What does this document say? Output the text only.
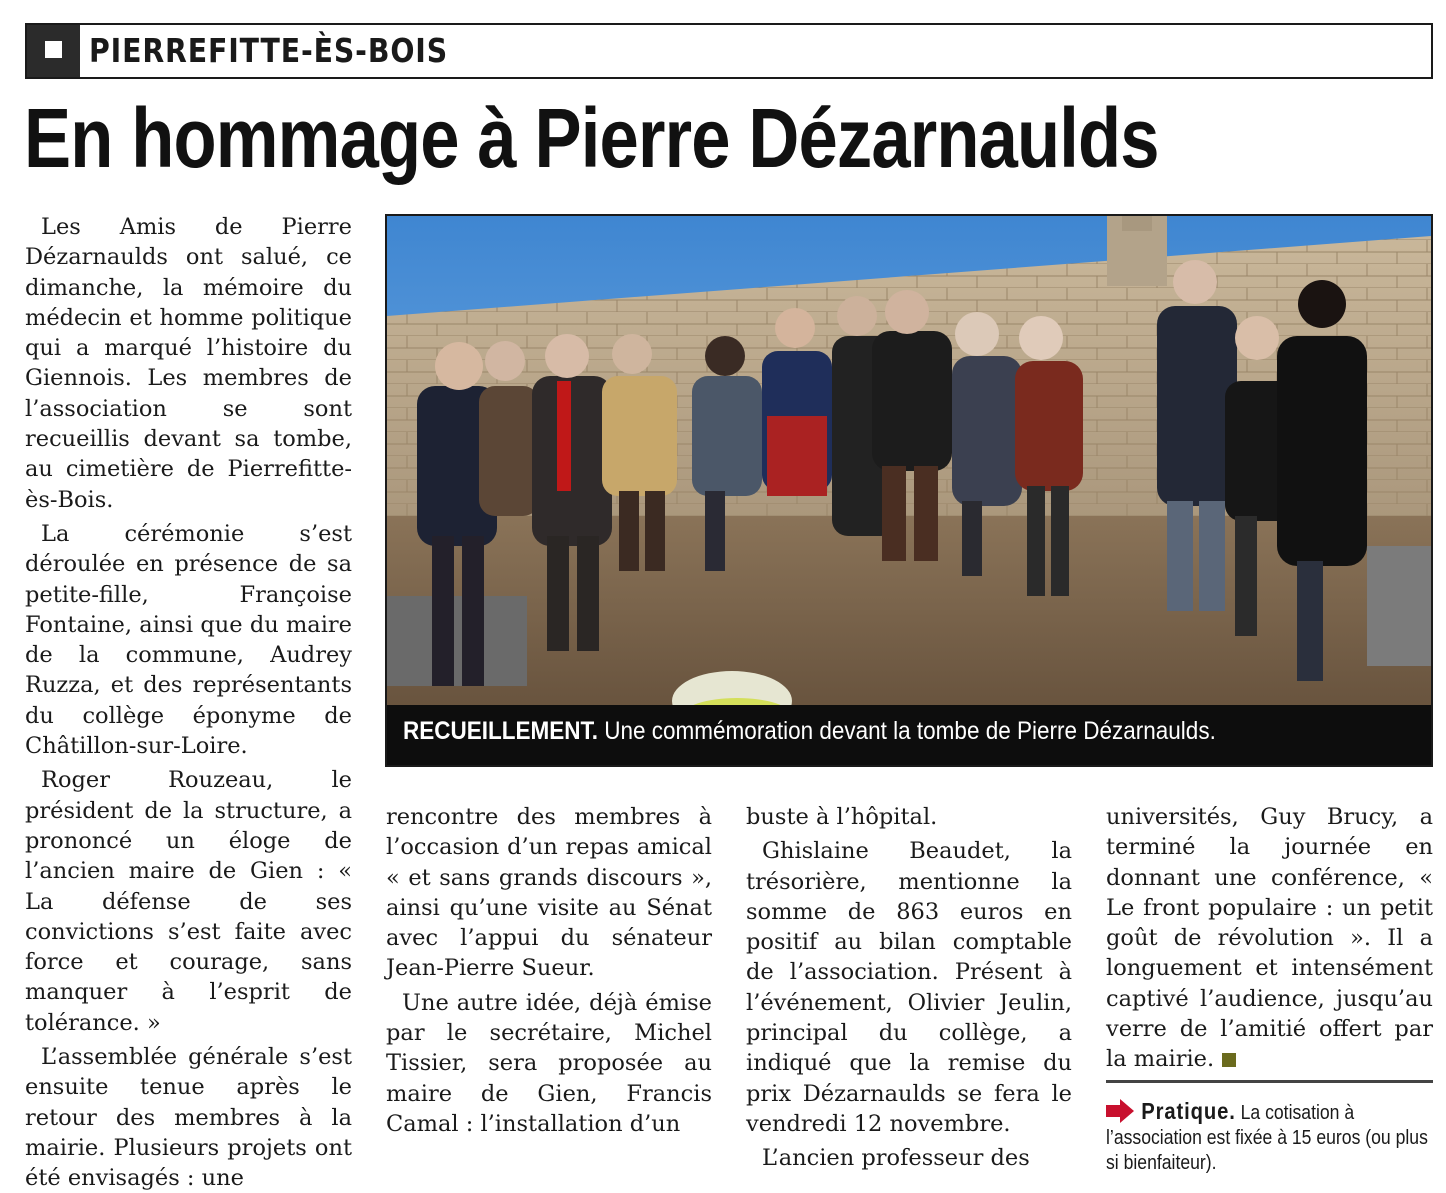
PIERREFITTE-ÈS-BOIS
En hommage à Pierre Dézarnaulds

Les Amis de Pierre Dézarnaulds ont salué, ce dimanche, la mémoire du médecin et homme politique qui a marqué l’histoire du Giennois. Les membres de l’association se sont recueillis devant sa tombe, au cimetière de Pierrefitte-ès-Bois.

La cérémonie s’est déroulée en présence de sa petite-fille, Françoise Fontaine, ainsi que du maire de la commune, Audrey Ruzza, et des représentants du collège éponyme de Châtillon-sur-Loire.

Roger Rouzeau, le président de la structure, a prononcé un éloge de l’ancien maire de Gien : « La défense de ses convictions s’est faite avec force et courage, sans manquer à l’esprit de tolérance. »

L’assemblée générale s’est ensuite tenue après le retour des membres à la mairie. Plusieurs projets ont été envisagés : une

RECUEILLEMENT. Une commémoration devant la tombe de Pierre Dézarnaulds.

rencontre des membres à l’occasion d’un repas amical « et sans grands discours », ainsi qu’une visite au Sénat avec l’appui du sénateur Jean-Pierre Sueur.

Une autre idée, déjà émise par le secrétaire, Michel Tissier, sera proposée au maire de Gien, Francis Camal : l’installation d’un

buste à l’hôpital.

Ghislaine Beaudet, la trésorière, mentionne la somme de 863 euros en positif au bilan comptable de l’association. Présent à l’événement, Olivier Jeulin, principal du collège, a indiqué que la remise du prix Dézarnaulds se fera le vendredi 12 novembre.

L’ancien professeur des

universités, Guy Brucy, a terminé la journée en donnant une conférence, « Le front populaire : un petit goût de révolution ». Il a longuement et intensément captivé l’audience, jusqu’au verre de l’amitié offert par la mairie.

Pratique. La cotisation à l’association est fixée à 15 euros (ou plus si bienfaiteur).
